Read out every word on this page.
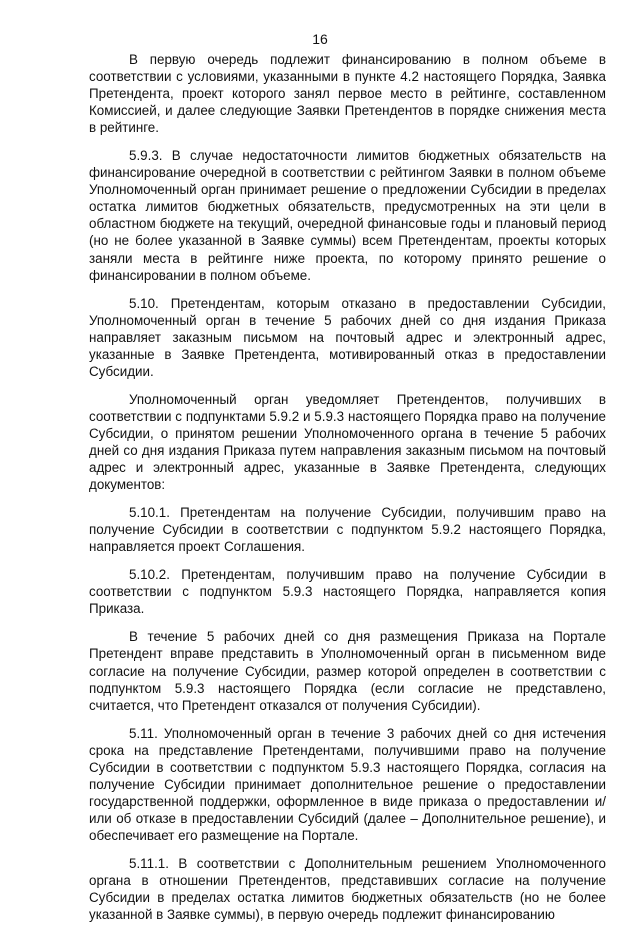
16

В первую очередь подлежит финансированию в полном объеме в соответствии с условиями, указанными в пункте 4.2 настоящего Порядка, Заявка Претендента, проект которого занял первое место в рейтинге, составленном Комиссией, и далее следующие Заявки Претендентов в порядке снижения места в рейтинге.

5.9.3. В случае недостаточности лимитов бюджетных обязательств на финансирование очередной в соответствии с рейтингом Заявки в полном объеме Уполномоченный орган принимает решение о предложении Субсидии в пределах остатка лимитов бюджетных обязательств, предусмотренных на эти цели в областном бюджете на текущий, очередной финансовые годы и плановый период (но не более указанной в Заявке суммы) всем Претендентам, проекты которых заняли места в рейтинге ниже проекта, по которому принято решение о финансировании в полном объеме.

5.10. Претендентам, которым отказано в предоставлении Субсидии, Уполномоченный орган в течение 5 рабочих дней со дня издания Приказа направляет заказным письмом на почтовый адрес и электронный адрес, указанные в Заявке Претендента, мотивированный отказ в предоставлении Субсидии.

Уполномоченный орган уведомляет Претендентов, получивших в соответствии с подпунктами 5.9.2 и 5.9.3 настоящего Порядка право на получение Субсидии, о принятом решении Уполномоченного органа в течение 5 рабочих дней со дня издания Приказа путем направления заказным письмом на почтовый адрес и электронный адрес, указанные в Заявке Претендента, следующих документов:

5.10.1. Претендентам на получение Субсидии, получившим право на получение Субсидии в соответствии с подпунктом 5.9.2 настоящего Порядка, направляется проект Соглашения.

5.10.2. Претендентам, получившим право на получение Субсидии в соответствии с подпунктом 5.9.3 настоящего Порядка, направляется копия Приказа.

В течение 5 рабочих дней со дня размещения Приказа на Портале Претендент вправе представить в Уполномоченный орган в письменном виде согласие на получение Субсидии, размер которой определен в соответствии с подпунктом 5.9.3 настоящего Порядка (если согласие не представлено, считается, что Претендент отказался от получения Субсидии).

5.11. Уполномоченный орган в течение 3 рабочих дней со дня истечения срока на представление Претендентами, получившими право на получение Субсидии в соответствии с подпунктом 5.9.3 настоящего Порядка, согласия на получение Субсидии принимает дополнительное решение о предоставлении государственной поддержки, оформленное в виде приказа о предоставлении и/или об отказе в предоставлении Субсидий (далее – Дополнительное решение), и обеспечивает его размещение на Портале.

5.11.1. В соответствии с Дополнительным решением Уполномоченного органа в отношении Претендентов, представивших согласие на получение Субсидии в пределах остатка лимитов бюджетных обязательств (но не более указанной в Заявке суммы), в первую очередь подлежит финансированию
